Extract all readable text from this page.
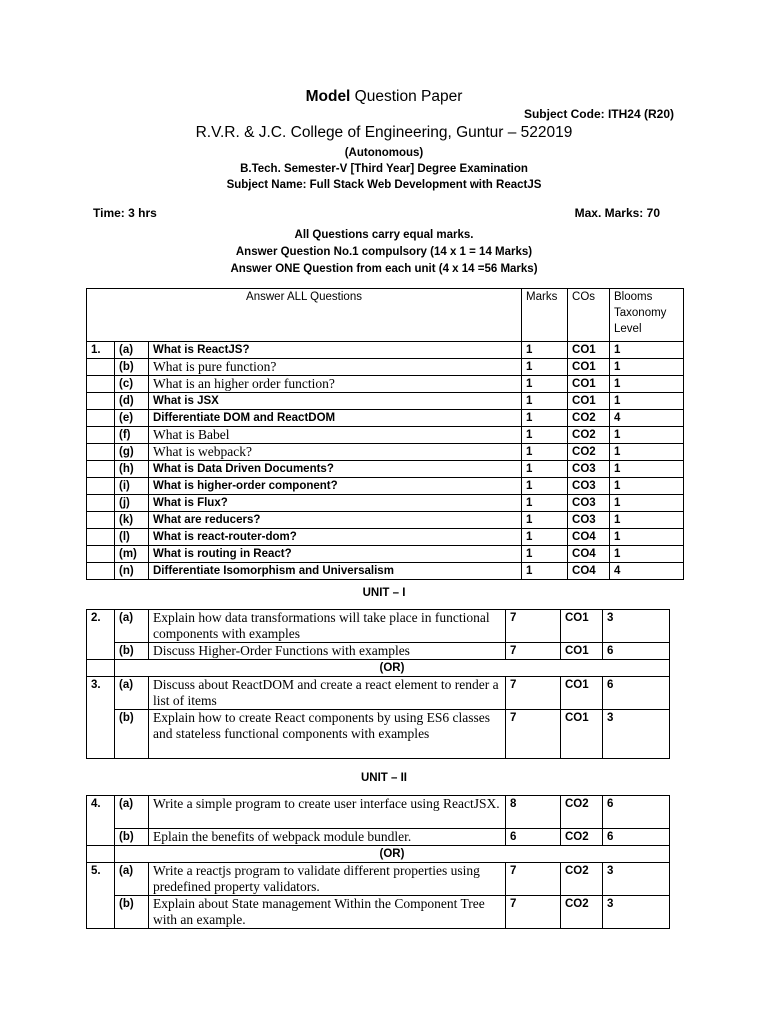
Model Question Paper
Subject Code: ITH24 (R20)
R.V.R. & J.C. College of Engineering, Guntur – 522019
(Autonomous)
B.Tech. Semester-V [Third Year] Degree Examination
Subject Name: Full Stack Web Development with ReactJS
Time: 3 hrs	Max. Marks: 70
All Questions carry equal marks.
Answer Question No.1 compulsory (14 x 1 = 14 Marks)
Answer ONE Question from each unit (4 x 14 =56 Marks)
Answer ALL Questions			Marks	COs	Blooms Taxonomy Level
1.	(a)	What is ReactJS?	1	CO1	1
	(b)	What is pure function?	1	CO1	1
	(c)	What is an higher order function?	1	CO1	1
	(d)	What is JSX	1	CO1	1
	(e)	Differentiate DOM and ReactDOM	1	CO2	4
	(f)	What is Babel	1	CO2	1
	(g)	What is webpack?	1	CO2	1
	(h)	What is Data Driven Documents?	1	CO3	1
	(i)	What is higher-order component?	1	CO3	1
	(j)	What is Flux?	1	CO3	1
	(k)	What are reducers?	1	CO3	1
	(l)	What is react-router-dom?	1	CO4	1
	(m)	What is routing in React?	1	CO4	1
	(n)	Differentiate Isomorphism and Universalism	1	CO4	4
UNIT – I
2.	(a)	Explain how data transformations will take place in functional components with examples	7	CO1	3
	(b)	Discuss Higher-Order Functions with examples	7	CO1	6
	(OR)				
3.	(a)	Discuss about ReactDOM and create a react element to render a list of items	7	CO1	6
	(b)	Explain how to create React components by using ES6 classes and stateless functional components with examples	7	CO1	3
UNIT – II
4.	(a)	Write a simple program to create user interface using ReactJSX.	8	CO2	6
	(b)	Eplain the benefits of webpack module bundler.	6	CO2	6
	(OR)				
5.	(a)	Write a reactjs program to validate different properties using predefined property validators.	7	CO2	3
	(b)	Explain about State management Within the Component Tree with an example.	7	CO2	3
